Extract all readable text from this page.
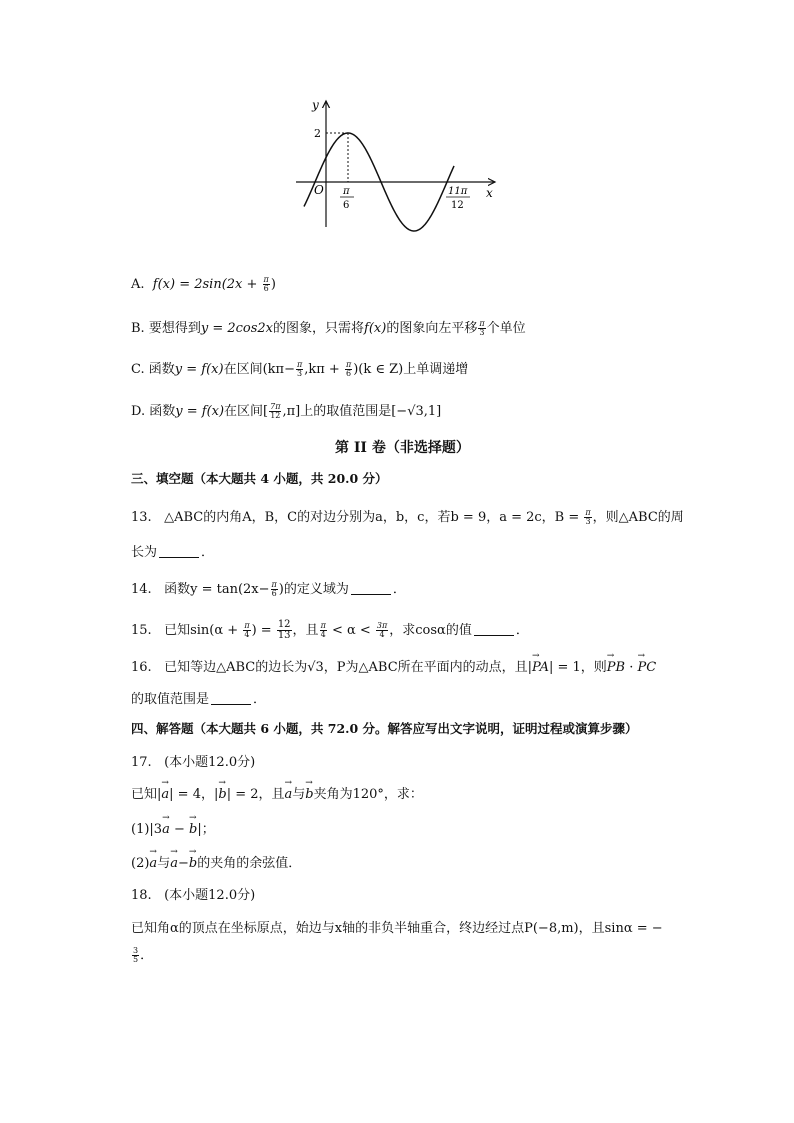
y
x
O
2
π
6
11π
12
A. $f(x) = 2\sin(2x + \frac{\pi}{6}$ )
B. 要想得到y = 2cos2x的图象，只需将f(x)的图象向左平移 $\frac{\pi}{3}$ 个单位
C. 函数y = f(x)在区间$(k\pi- \frac{\pi}{3} ,k\pi + \frac{\pi}{6} )(k$ ∈ Z)上单调递增
D. 函数y = f(x)在区间[ $\frac{7\pi}{12} ,\pi$]上的取值范围是[−√3,1]
第 II 卷（非选择题）
三、填空题（本大题共 4 小题，共 20.0 分）
13. △ABC的内角A，B，C的对边分别为a，b，c，若b = 9，a = 2c，$B = \frac{\pi}{3}$ ，则△ABC的周
长为	．
14. 函数$y = \tan(2x- \frac{\pi}{6}$ )的定义域为	．
15. 已知$\sin(\alpha + \frac{\pi}{4}$ ) = $\frac{12}{13}$ ，且 $\frac{\pi}{4} < \alpha < \frac{3\pi}{4}$ ，求cosα的值	．
16. 已知等边△ABC的边长为√3，P为△ABC所在平面内的动点，且|→ PA| = 1，则→ PB · → PC
的取值范围是	．
四、解答题（本大题共 6 小题，共 72.0 分。解答应写出文字说明，证明过程或演算步骤）
17. (本小题12.0分)
已知|→ a| = 4，|→ b| = 2，且→ a与→ b夹角为120°，求：
(1)|3→ a − → b|；
(2)→ a与→ a−→ b的夹角的余弦值．
18. (本小题12.0分)
已知角α的顶点在坐标原点，始边与x轴的非负半轴重合，终边经过点P(−8,m)，且sinα = −
$\frac{3}{5}$ ．
